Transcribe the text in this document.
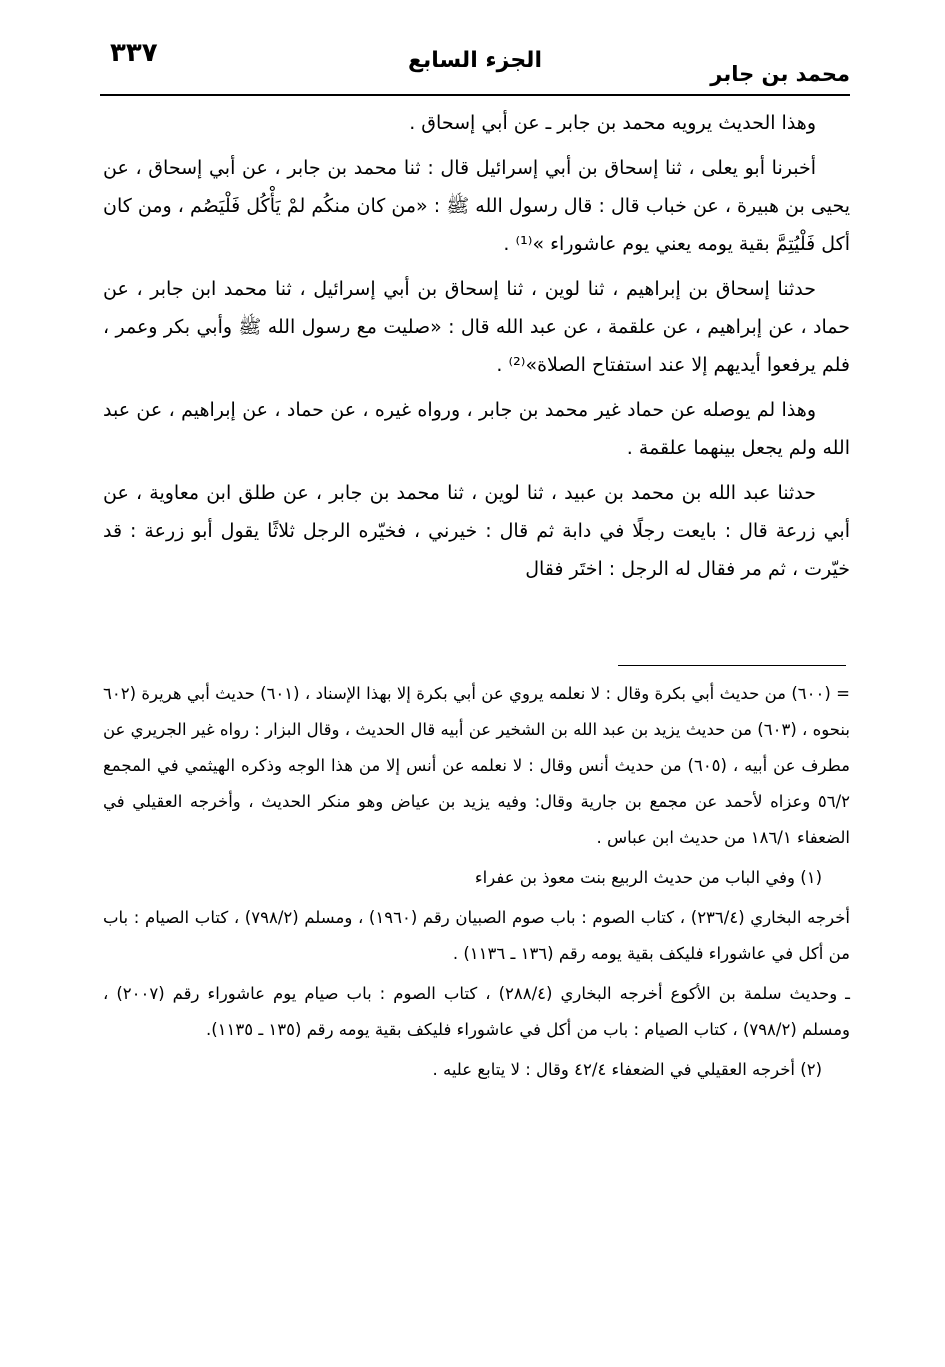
٣٣٧	الجزء السابع
محمد بن جابر

وهذا الحديث يرويه محمد بن جابر ـ عن أبي إسحاق .

أخبرنا أبو يعلى ، ثنا إسحاق بن أبي إسرائيل قال : ثنا محمد بن جابر ، عن أبي إسحاق ، عن يحيى بن هبيرة ، عن خباب قال : قال رسول الله ﷺ : «من كان منكُم لمْ يَأْكُل فَلْيَصُم ، ومن كان أكل فَلْيُتِمَّ بقية يومه يعني يوم عاشوراء »⁽¹⁾ .

حدثنا إسحاق بن إبراهيم ، ثنا لوين ، ثنا إسحاق بن أبي إسرائيل ، ثنا محمد ابن جابر ، عن حماد ، عن إبراهيم ، عن علقمة ، عن عبد الله قال : «صليت مع رسول الله ﷺ وأبي بكر وعمر ، فلم يرفعوا أيديهم إلا عند استفتاح الصلاة»⁽²⁾ .

وهذا لم يوصله عن حماد غير محمد بن جابر ، ورواه غيره ، عن حماد ، عن إبراهيم ، عن عبد الله ولم يجعل بينهما علقمة .

حدثنا عبد الله بن محمد بن عبيد ، ثنا لوين ، ثنا محمد بن جابر ، عن طلق ابن معاوية ، عن أبي زرعة قال : بايعت رجلًا في دابة ثم قال : خيرني ، فخيّره الرجل ثلاثًا يقول أبو زرعة : قد خيّرت ، ثم مر فقال له الرجل : اختَر فقال

= (٦٠٠) من حديث أبي بكرة وقال : لا نعلمه يروي عن أبي بكرة إلا بهذا الإسناد ، (٦٠١) حديث أبي هريرة (٦٠٢ بنحوه ، (٦٠٣) من حديث يزيد بن عبد الله بن الشخير عن أبيه قال الحديث ، وقال البزار : رواه غير الجريري عن مطرف عن أبيه ، (٦٠٥) من حديث أنس وقال : لا نعلمه عن أنس إلا من هذا الوجه وذكره الهيثمي في المجمع ٥٦/٢ وعزاه لأحمد عن مجمع بن جارية وقال: وفيه يزيد بن عياض وهو منكر الحديث ، وأخرجه العقيلي في الضعفاء ١٨٦/١ من حديث ابن عباس .

(١) وفي الباب من حديث الربيع بنت معوذ بن عفراء

أخرجه البخاري (٢٣٦/٤) ، كتاب الصوم : باب صوم الصبيان رقم (١٩٦٠) ، ومسلم (٧٩٨/٢) ، كتاب الصيام : باب من أكل في عاشوراء فليكف بقية يومه رقم (١٣٦ ـ ١١٣٦) .

ـ وحديث سلمة بن الأكوع أخرجه البخاري (٢٨٨/٤) ، كتاب الصوم : باب صيام يوم عاشوراء رقم (٢٠٠٧) ، ومسلم (٧٩٨/٢) ، كتاب الصيام : باب من أكل في عاشوراء فليكف بقية يومه رقم (١٣٥ ـ ١١٣٥).

(٢) أخرجه العقيلي في الضعفاء ٤٢/٤ وقال : لا يتابع عليه .
